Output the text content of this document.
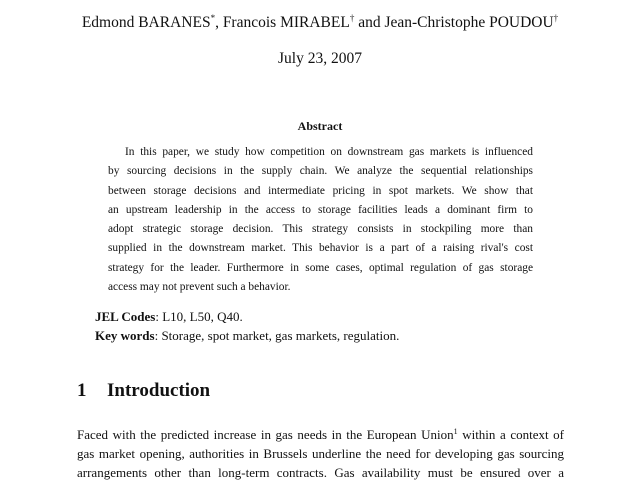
Edmond BARANES*, Francois MIRABEL† and Jean-Christophe POUDOU†
July 23, 2007
Abstract
In this paper, we study how competition on downstream gas markets is influenced
by sourcing decisions in the supply chain. We analyze the sequential relationships
between storage decisions and intermediate pricing in spot markets. We show that
an upstream leadership in the access to storage facilities leads a dominant firm to
adopt strategic storage decision. This strategy consists in stockpiling more than
supplied in the downstream market. This behavior is a part of a raising rival's cost
strategy for the leader. Furthermore in some cases, optimal regulation of gas storage
access may not prevent such a behavior.
JEL Codes: L10, L50, Q40.
Key words: Storage, spot market, gas markets, regulation.
1 Introduction
Faced with the predicted increase in gas needs in the European Union$^1$ within a context of
gas market opening, authorities in Brussels underline the need for developing gas sourcing
arrangements other than long-term contracts. Gas availability must be ensured over a
